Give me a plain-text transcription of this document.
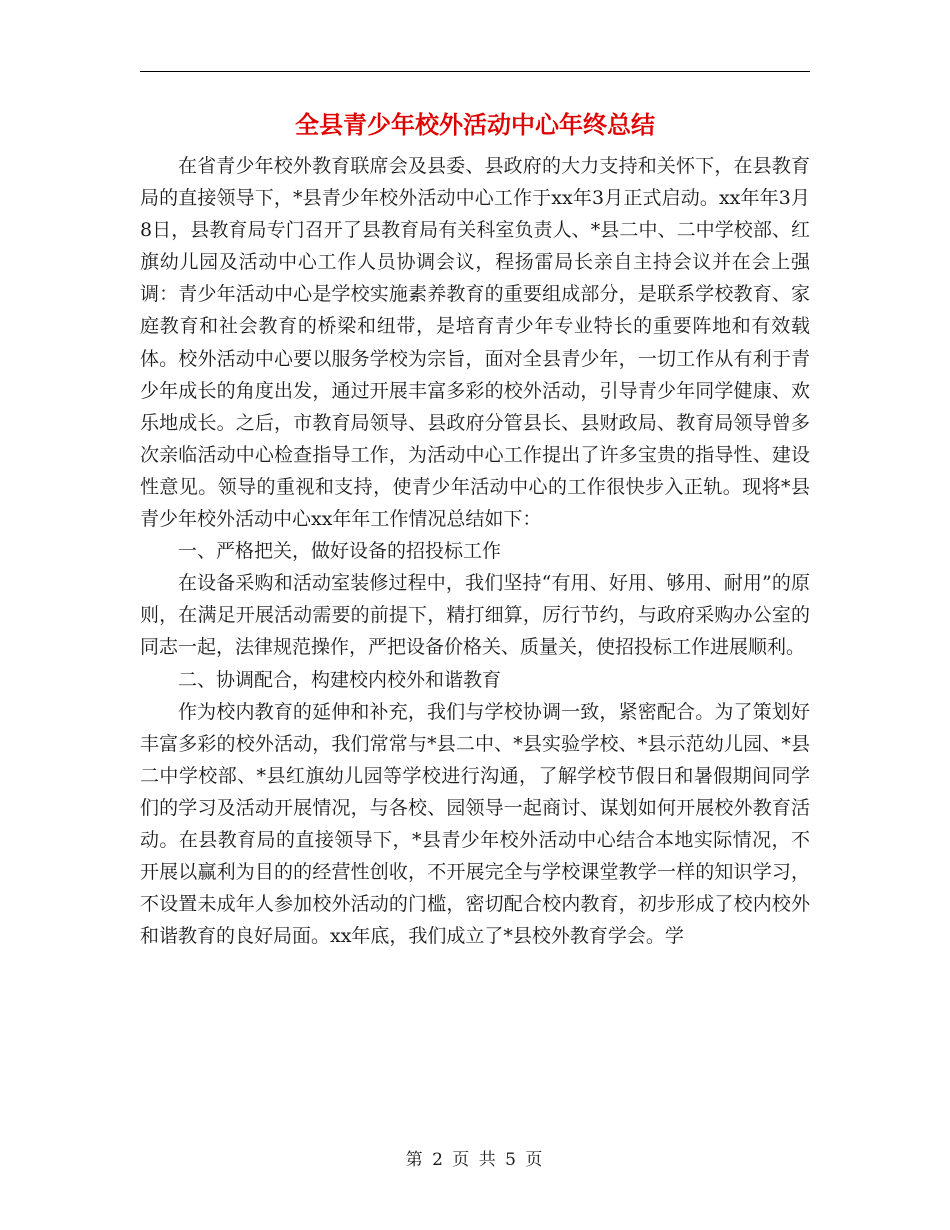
全县青少年校外活动中心年终总结

在省青少年校外教育联席会及县委、县政府的大力支持和关怀下，在县教育局的直接领导下，*县青少年校外活动中心工作于xx年3月正式启动。xx年年3月8日，县教育局专门召开了县教育局有关科室负责人、*县二中、二中学校部、红旗幼儿园及活动中心工作人员协调会议，程扬雷局长亲自主持会议并在会上强调：青少年活动中心是学校实施素养教育的重要组成部分，是联系学校教育、家庭教育和社会教育的桥梁和纽带，是培育青少年专业特长的重要阵地和有效载体。校外活动中心要以服务学校为宗旨，面对全县青少年，一切工作从有利于青少年成长的角度出发，通过开展丰富多彩的校外活动，引导青少年同学健康、欢乐地成长。之后，市教育局领导、县政府分管县长、县财政局、教育局领导曾多次亲临活动中心检查指导工作，为活动中心工作提出了许多宝贵的指导性、建设性意见。领导的重视和支持，使青少年活动中心的工作很快步入正轨。现将*县青少年校外活动中心xx年年工作情况总结如下：

一、严格把关，做好设备的招投标工作

在设备采购和活动室装修过程中，我们坚持“有用、好用、够用、耐用”的原则，在满足开展活动需要的前提下，精打细算，厉行节约，与政府采购办公室的同志一起，法律规范操作，严把设备价格关、质量关，使招投标工作进展顺利。

二、协调配合，构建校内校外和谐教育

作为校内教育的延伸和补充，我们与学校协调一致，紧密配合。为了策划好丰富多彩的校外活动，我们常常与*县二中、*县实验学校、*县示范幼儿园、*县二中学校部、*县红旗幼儿园等学校进行沟通，了解学校节假日和暑假期间同学们的学习及活动开展情况，与各校、园领导一起商讨、谋划如何开展校外教育活动。在县教育局的直接领导下，*县青少年校外活动中心结合本地实际情况，不开展以赢利为目的的经营性创收，不开展完全与学校课堂教学一样的知识学习，不设置未成年人参加校外活动的门槛，密切配合校内教育，初步形成了校内校外和谐教育的良好局面。xx年底，我们成立了*县校外教育学会。学

第 2 页 共 5 页
